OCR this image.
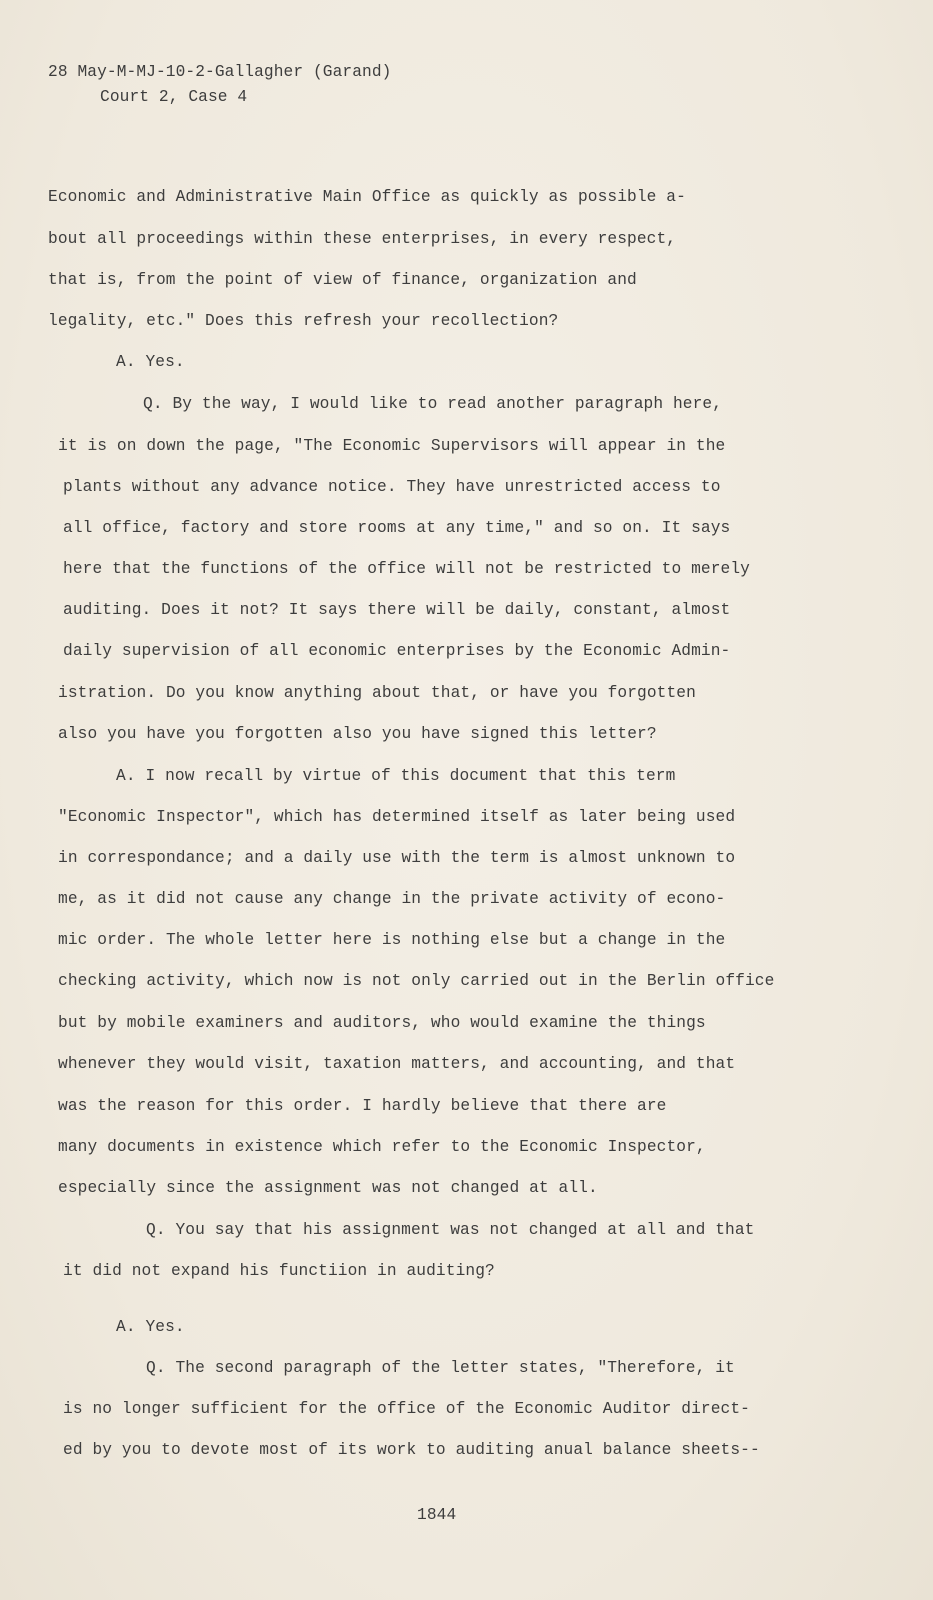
28 May-M-MJ-10-2-Gallagher (Garand)
Court 2, Case 4
Economic and Administrative Main Office as quickly as possible a-
bout all proceedings within these enterprises, in every respect,
that is, from the point of view of finance, organization and
legality, etc." Does this refresh your recollection?
A. Yes.
Q. By the way, I would like to read another paragraph here,
it is on down the page, "The Economic Supervisors will appear in the
plants without any advance notice. They have unrestricted access to
all office, factory and store rooms at any time," and so on. It says
here that the functions of the office will not be restricted to merely
auditing. Does it not? It says there will be daily, constant, almost
daily supervision of all economic enterprises by the Economic Admin-
istration. Do you know anything about that, or have you forgotten
also you have you forgotten also you have signed this letter?
A. I now recall by virtue of this document that this term
"Economic Inspector", which has determined itself as later being used
in correspondance; and a daily use with the term is almost unknown to
me, as it did not cause any change in the private activity of econo-
mic order. The whole letter here is nothing else but a change in the
checking activity, which now is not only carried out in the Berlin office
but by mobile examiners and auditors, who would examine the things
whenever they would visit, taxation matters, and accounting, and that
was the reason for this order. I hardly believe that there are
many documents in existence which refer to the Economic Inspector,
especially since the assignment was not changed at all.
Q. You say that his assignment was not changed at all and that
it did not expand his functiion in auditing?
A. Yes.
Q. The second paragraph of the letter states, "Therefore, it
is no longer sufficient for the office of the Economic Auditor direct-
ed by you to devote most of its work to auditing anual balance sheets--
1844
